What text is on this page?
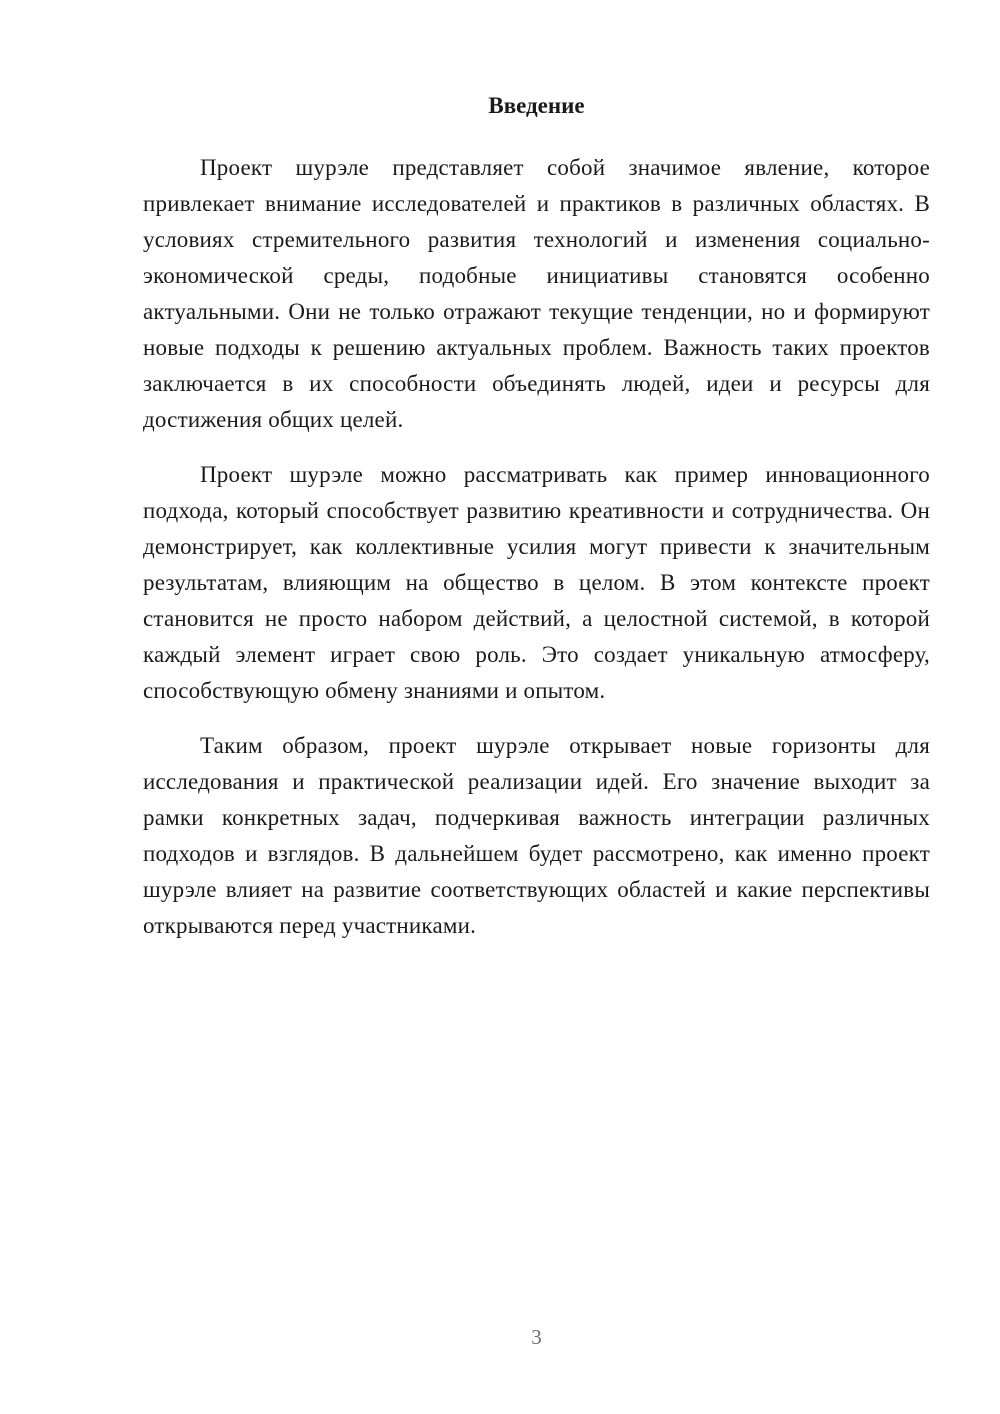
Введение

Проект шурэле представляет собой значимое явление, которое привлекает внимание исследователей и практиков в различных областях. В условиях стремительного развития технологий и изменения социально-экономической среды, подобные инициативы становятся особенно актуальными. Они не только отражают текущие тенденции, но и формируют новые подходы к решению актуальных проблем. Важность таких проектов заключается в их способности объединять людей, идеи и ресурсы для достижения общих целей.

Проект шурэле можно рассматривать как пример инновационного подхода, который способствует развитию креативности и сотрудничества. Он демонстрирует, как коллективные усилия могут привести к значительным результатам, влияющим на общество в целом. В этом контексте проект становится не просто набором действий, а целостной системой, в которой каждый элемент играет свою роль. Это создает уникальную атмосферу, способствующую обмену знаниями и опытом.

Таким образом, проект шурэле открывает новые горизонты для исследования и практической реализации идей. Его значение выходит за рамки конкретных задач, подчеркивая важность интеграции различных подходов и взглядов. В дальнейшем будет рассмотрено, как именно проект шурэле влияет на развитие соответствующих областей и какие перспективы открываются перед участниками.

3
